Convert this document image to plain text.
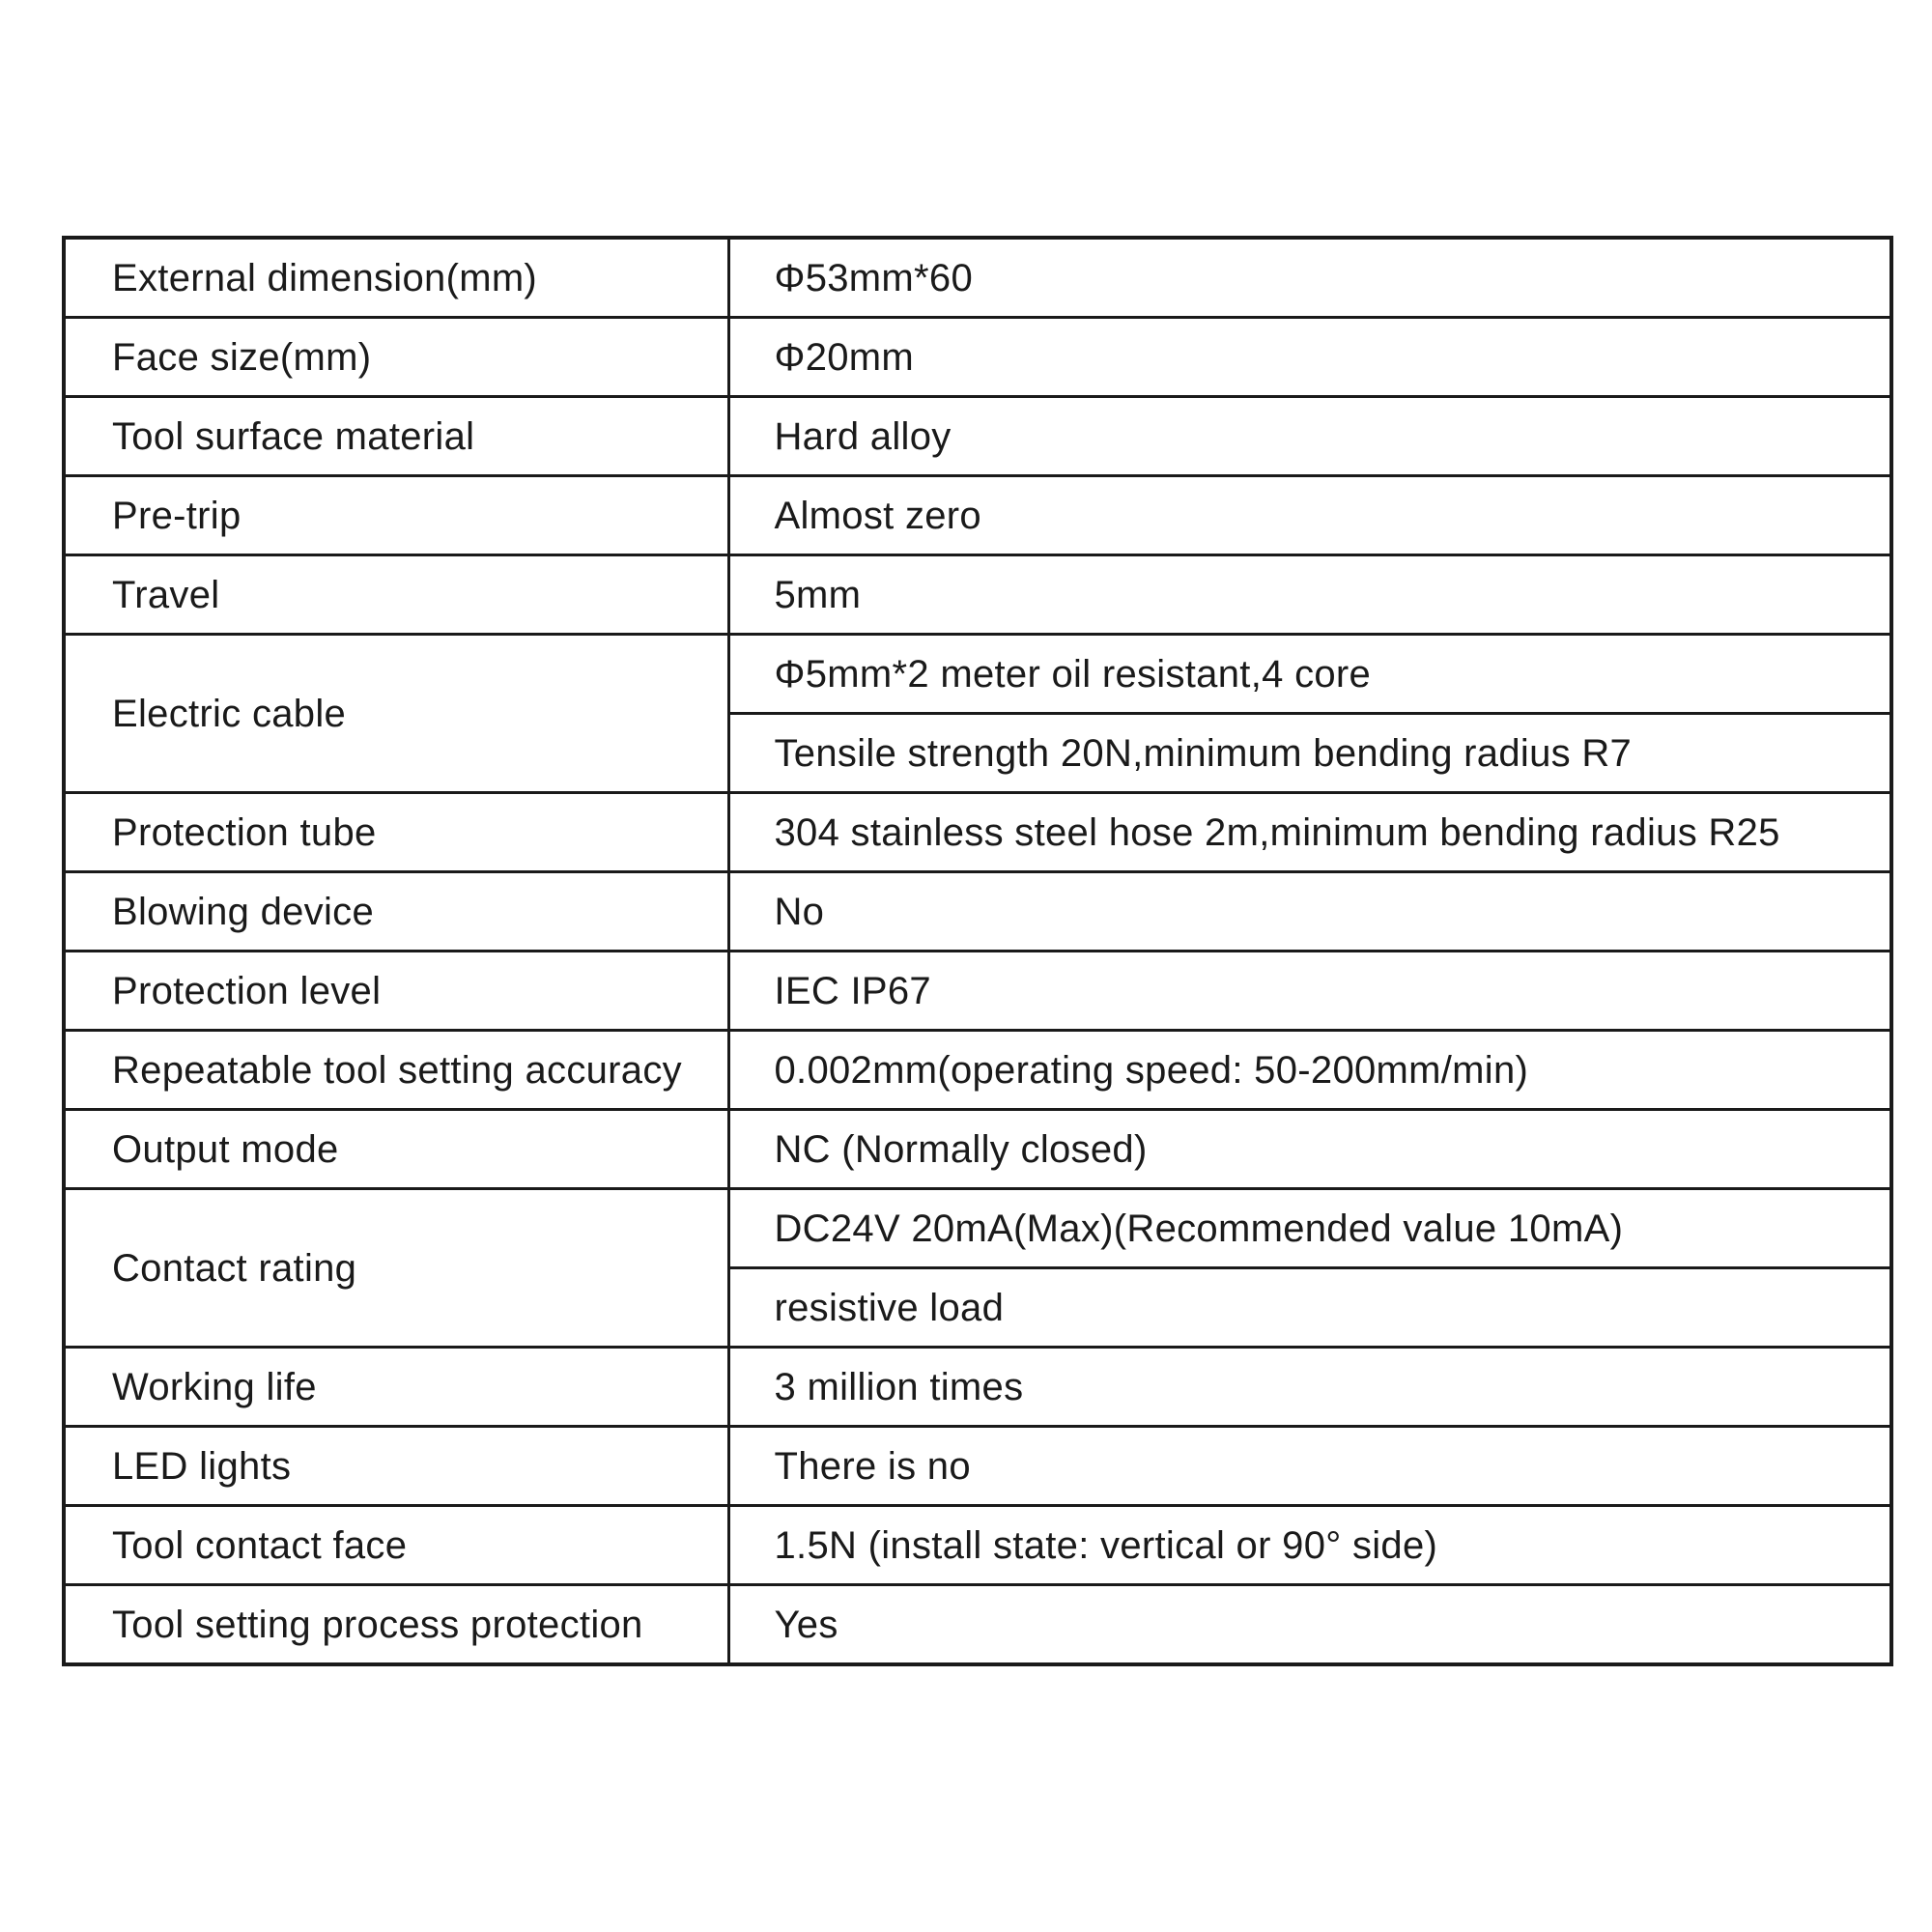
External dimension(mm)	Φ53mm*60
Face size(mm)	Φ20mm
Tool surface material	Hard alloy
Pre-trip	Almost zero
Travel	5mm
Electric cable	Φ5mm*2 meter oil resistant,4 core
	Tensile strength 20N,minimum bending radius R7
Protection tube	304 stainless steel hose 2m,minimum bending radius R25
Blowing device	No
Protection level	IEC IP67
Repeatable tool setting accuracy	0.002mm(operating speed: 50-200mm/min)
Output mode	NC (Normally closed)
Contact rating	DC24V 20mA(Max)(Recommended value 10mA)
	resistive load
Working life	3 million times
LED lights	There is no
Tool contact face	1.5N (install state: vertical or 90° side)
Tool setting process protection	Yes
